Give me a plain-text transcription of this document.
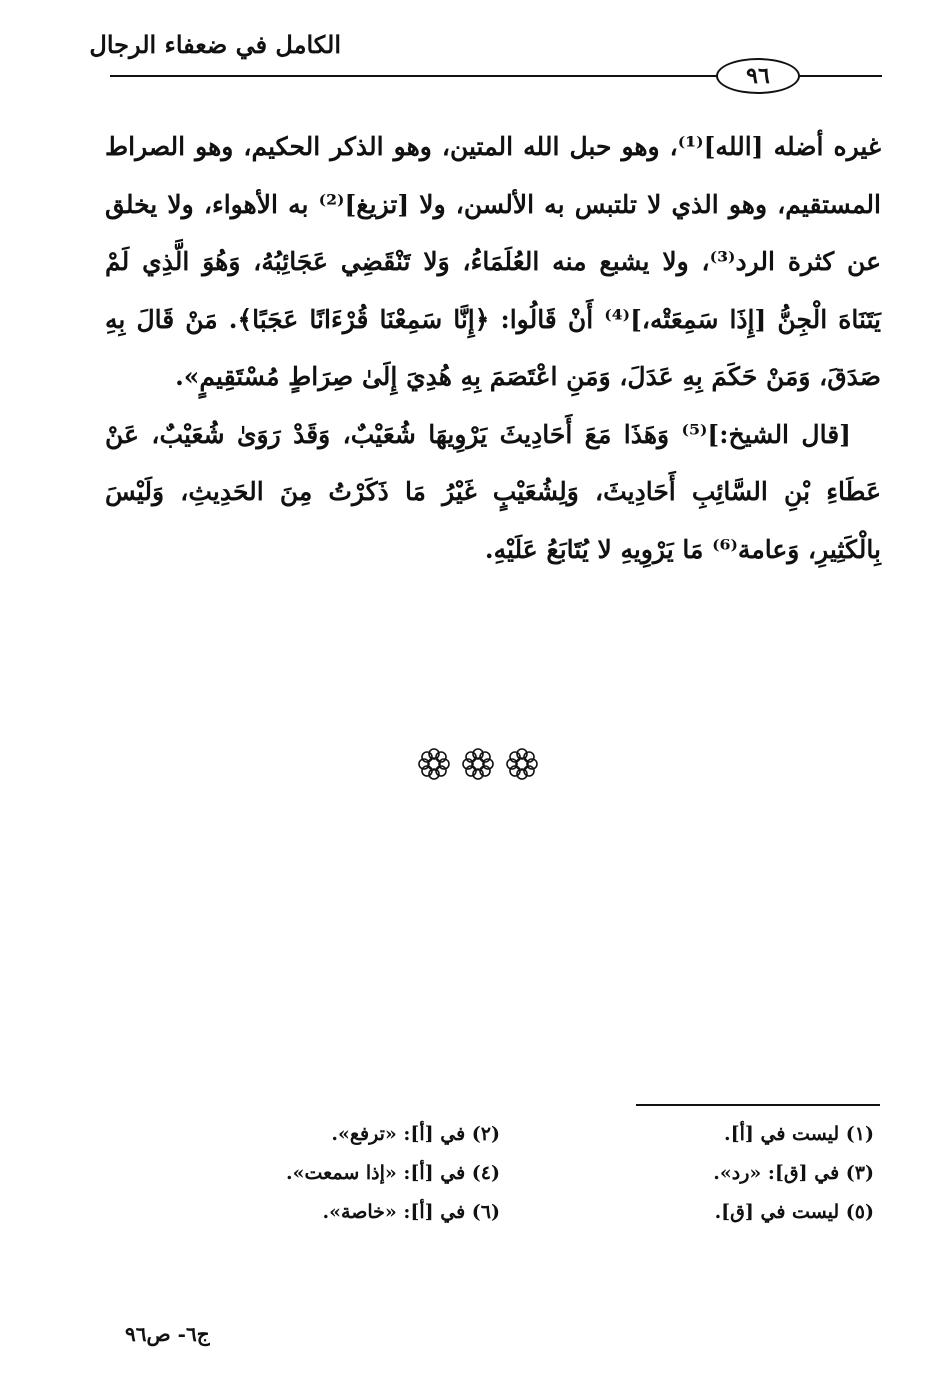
الكامل في ضعفاء الرجال
٩٦

غيره أضله [الله]⁽¹⁾، وهو حبل الله المتين، وهو الذكر الحكيم، وهو الصراط المستقيم، وهو الذي لا تلتبس به الألسن، ولا [تزيغ]⁽²⁾ به الأهواء، ولا يخلق عن كثرة الرد⁽³⁾، ولا يشبع منه العُلَمَاءُ، وَلا تَنْقَضِي عَجَائِبُهُ، وَهُوَ الَّذِي لَمْ يَتَنَاهَ الْجِنُّ [إِذَا سَمِعَتْه،]⁽⁴⁾ أَنْ قَالُوا: ﴿إِنَّا سَمِعْنَا قُرْءَانًا عَجَبًا﴾. مَنْ قَالَ بِهِ صَدَقَ، وَمَنْ حَكَمَ بِهِ عَدَلَ، وَمَنِ اعْتَصَمَ بِهِ هُدِيَ إِلَىٰ صِرَاطٍ مُسْتَقِيمٍ».

[قال الشيخ:]⁽⁵⁾ وَهَذَا مَعَ أَحَادِيثَ يَرْوِيهَا شُعَيْبٌ، وَقَدْ رَوَىٰ شُعَيْبٌ، عَنْ عَطَاءِ بْنِ السَّائِبِ أَحَادِيثَ، وَلِشُعَيْبٍ غَيْرُ مَا ذَكَرْتُ مِنَ الحَدِيثِ، وَلَيْسَ بِالْكَثِيرِ، وَعامة⁽⁶⁾ مَا يَرْوِيهِ لا يُتَابَعُ عَلَيْهِ.

(١) ليست في [أ].
(٢) في [أ]: «ترفع».
(٣) في [ق]: «رد».
(٤) في [أ]: «إذا سمعت».
(٥) ليست في [ق].
(٦) في [أ]: «خاصة».
ج٦- ص٩٦
